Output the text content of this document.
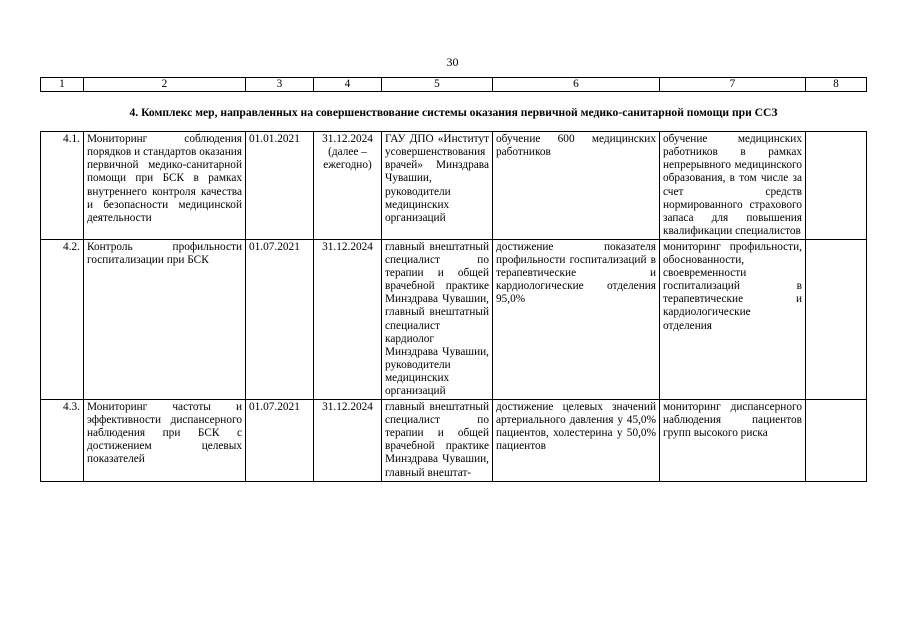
30
1	2	3	4	5	6	7	8
4. Комплекс мер, направленных на совершенствование системы оказания первичной медико-санитарной помощи при ССЗ							
4.1.	Мониторинг соблюдения порядков и стандартов оказания первичной медико-санитарной помощи при БСК в рамках внутреннего контроля качества и безопасности медицинской деятельности	01.01.2021	31.12.2024 (далее – ежегодно)	ГАУ ДПО «Институт усовершенствования врачей» Минздрава Чувашии, руководители медицинских организаций	обучение 600 медицинских работников	обучение медицинских работников в рамках непрерывного медицинского образования, в том числе за счет средств нормированного страхового запаса для повышения квалификации специалистов	
4.2.	Контроль профильности госпитализации при БСК	01.07.2021	31.12.2024	главный внештатный специалист по терапии и общей врачебной практике Минздрава Чувашии, главный внештатный специалист кардиолог Минздрава Чувашии, руководители медицинских организаций	достижение показателя профильности госпитализаций в терапевтические и кардиологические отделения 95,0%	мониторинг профильности, обоснованности, своевременности госпитализаций в терапевтические и кардиологические отделения	
4.3.	Мониторинг частоты и эффективности диспансерного наблюдения при БСК с достижением целевых показателей	01.07.2021	31.12.2024	главный внештатный специалист по терапии и общей врачебной практике Минздрава Чувашии, главный внештат-	достижение целевых значений артериального давления у 45,0% пациентов, холестерина у 50,0% пациентов	мониторинг диспансерного наблюдения пациентов групп высокого риска	
